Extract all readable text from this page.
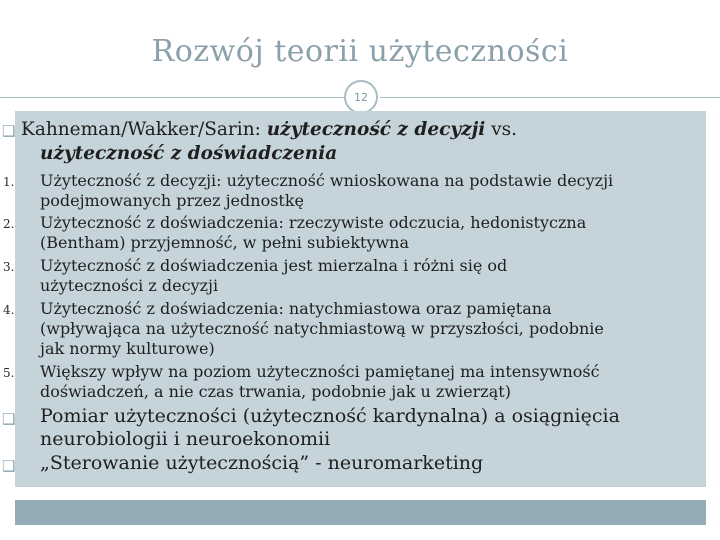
Rozwój teorii użyteczności
12
❑ Kahneman/Wakker/Sarin: użyteczność z decyzji vs.
użyteczność z doświadczenia
1. Użyteczność z decyzji: użyteczność wnioskowana na podstawie decyzji
podejmowanych przez jednostkę
2. Użyteczność z doświadczenia: rzeczywiste odczucia, hedonistyczna
(Bentham) przyjemność, w pełni subiektywna
3. Użyteczność z doświadczenia jest mierzalna i różni się od
użyteczności z decyzji
4. Użyteczność z doświadczenia: natychmiastowa oraz pamiętana
(wpływająca na użyteczność natychmiastową w przyszłości, podobnie
jak normy kulturowe)
5. Większy wpływ na poziom użyteczności pamiętanej ma intensywność
doświadczeń, a nie czas trwania, podobnie jak u zwierząt)
❑ Pomiar użyteczności (użyteczność kardynalna) a osiągnięcia
neurobiologii i neuroekonomii
❑ „Sterowanie użytecznością” - neuromarketing
